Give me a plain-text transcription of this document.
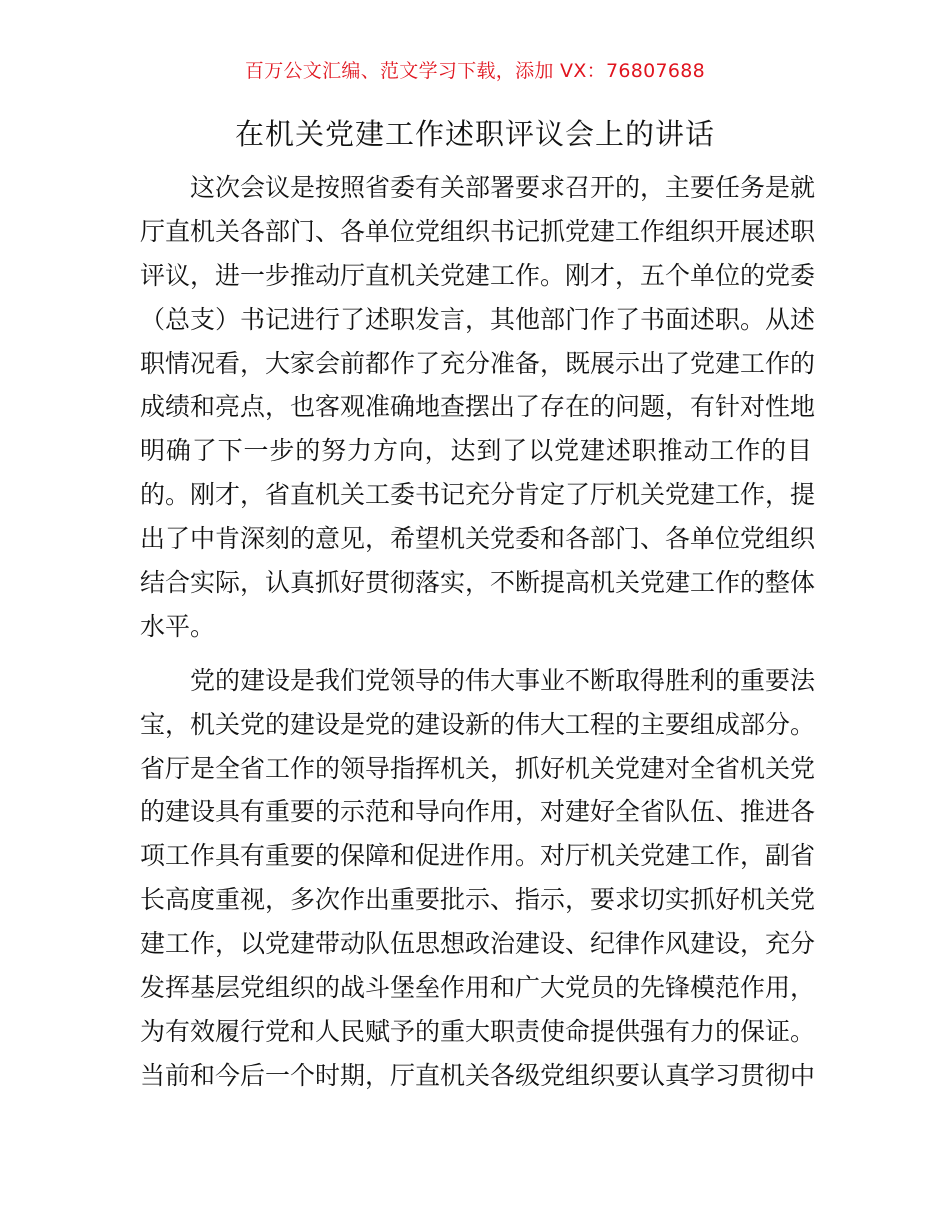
百万公文汇编、范文学习下载，添加 VX：76807688
在机关党建工作述职评议会上的讲话
　　这次会议是按照省委有关部署要求召开的，主要任务是就
厅直机关各部门、各单位党组织书记抓党建工作组织开展述职
评议，进一步推动厅直机关党建工作。刚才，五个单位的党委
（总支）书记进行了述职发言，其他部门作了书面述职。从述
职情况看，大家会前都作了充分准备，既展示出了党建工作的
成绩和亮点，也客观准确地查摆出了存在的问题，有针对性地
明确了下一步的努力方向，达到了以党建述职推动工作的目
的。刚才，省直机关工委书记充分肯定了厅机关党建工作，提
出了中肯深刻的意见，希望机关党委和各部门、各单位党组织
结合实际，认真抓好贯彻落实，不断提高机关党建工作的整体
水平。
　　党的建设是我们党领导的伟大事业不断取得胜利的重要法
宝，机关党的建设是党的建设新的伟大工程的主要组成部分。
省厅是全省工作的领导指挥机关，抓好机关党建对全省机关党
的建设具有重要的示范和导向作用，对建好全省队伍、推进各
项工作具有重要的保障和促进作用。对厅机关党建工作，副省
长高度重视，多次作出重要批示、指示，要求切实抓好机关党
建工作，以党建带动队伍思想政治建设、纪律作风建设，充分
发挥基层党组织的战斗堡垒作用和广大党员的先锋模范作用，
为有效履行党和人民赋予的重大职责使命提供强有力的保证。
当前和今后一个时期，厅直机关各级党组织要认真学习贯彻中
